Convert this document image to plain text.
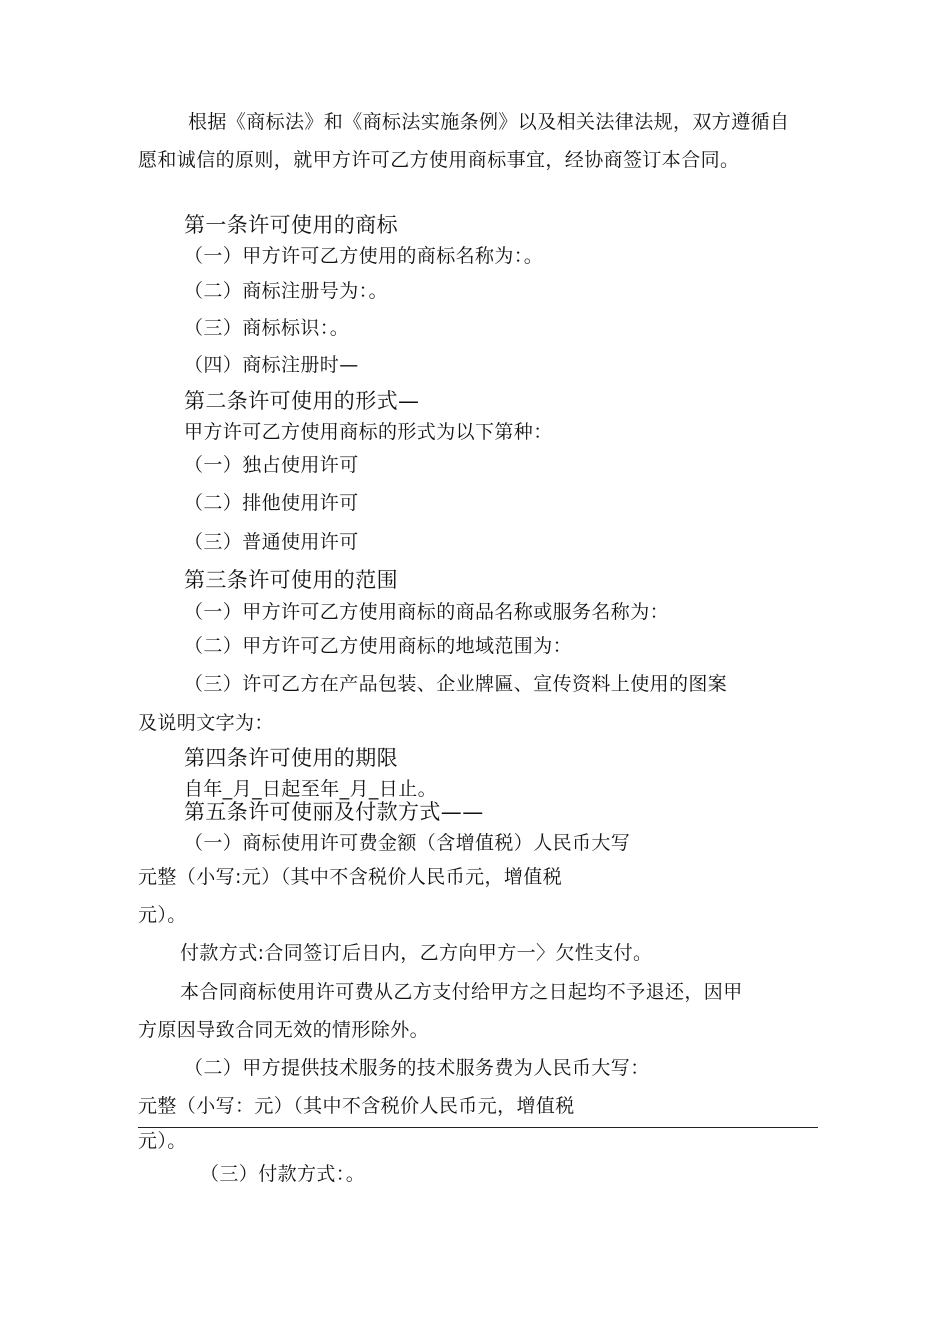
根据《商标法》和《商标法实施条例》以及相关法律法规，双方遵循自

愿和诚信的原则，就甲方许可乙方使用商标事宜，经协商签订本合同。

第一条许可使用的商标

（一）甲方许可乙方使用的商标名称为：。

（二）商标注册号为：。

（三）商标标识：。

（四）商标注册时—

第二条许可使用的形式—

甲方许可乙方使用商标的形式为以下第种：

（一）独占使用许可

（二）排他使用许可

（三）普通使用许可

第三条许可使用的范围

（一）甲方许可乙方使用商标的商品名称或服务名称为：

（二）甲方许可乙方使用商标的地域范围为：

（三）许可乙方在产品包装、企业牌匾、宣传资料上使用的图案

及说明文字为：

第四条许可使用的期限

自年_月_日起至年_月_日止。

第五条许可使丽及付款方式——

（一）商标使用许可费金额（含增值税）人民币大写

元整（小写:元）（其中不含税价人民币元，增值税

元）。

付款方式:合同签订后日内，乙方向甲方一〉欠性支付。

本合同商标使用许可费从乙方支付给甲方之日起均不予退还，因甲

方原因导致合同无效的情形除外。

（二）甲方提供技术服务的技术服务费为人民币大写：

元整（小写：元）（其中不含税价人民币元，增值税

元）。

（三）付款方式：。
